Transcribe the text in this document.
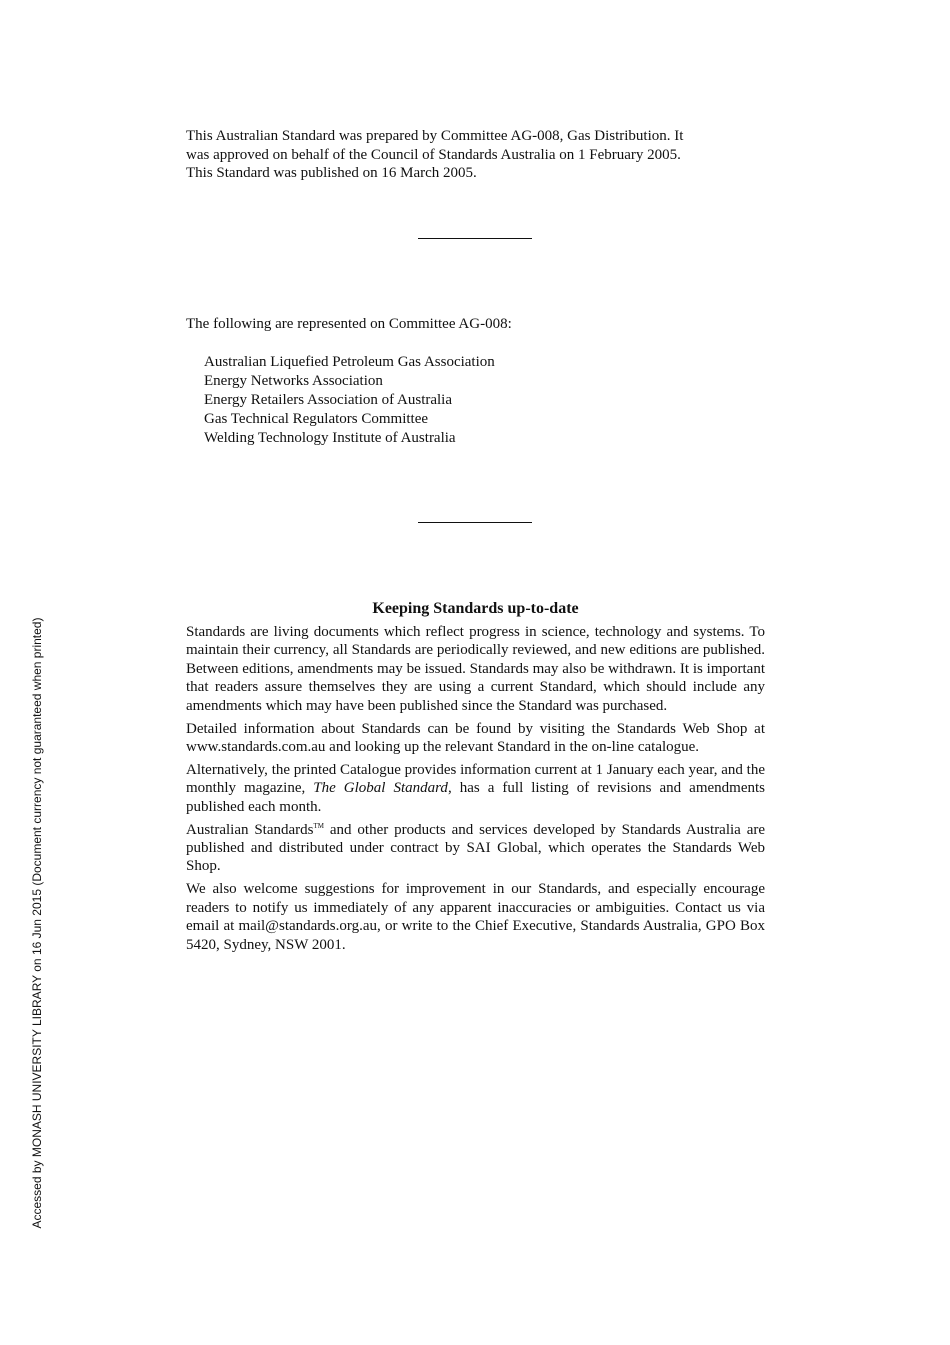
This Australian Standard was prepared by Committee AG-008, Gas Distribution. It

was approved on behalf of the Council of Standards Australia on 1 February 2005.

This Standard was published on 16 March 2005.

The following are represented on Committee AG-008:

Australian Liquefied Petroleum Gas Association
Energy Networks Association
Energy Retailers Association of Australia
Gas Technical Regulators Committee
Welding Technology Institute of Australia
Keeping Standards up-to-date

Standards are living documents which reflect progress in science, technology and systems. To maintain their currency, all Standards are periodically reviewed, and new editions are published. Between editions, amendments may be issued. Standards may also be withdrawn. It is important that readers assure themselves they are using a current Standard, which should include any amendments which may have been published since the Standard was purchased.

Detailed information about Standards can be found by visiting the Standards Web Shop at www.standards.com.au and looking up the relevant Standard in the on-line catalogue.

Alternatively, the printed Catalogue provides information current at 1 January each year, and the monthly magazine, The Global Standard, has a full listing of revisions and amendments published each month.

Australian Standards™ and other products and services developed by Standards Australia are published and distributed under contract by SAI Global, which operates the Standards Web Shop.

We also welcome suggestions for improvement in our Standards, and especially encourage readers to notify us immediately of any apparent inaccuracies or ambiguities. Contact us via email at mail@standards.org.au, or write to the Chief Executive, Standards Australia, GPO Box 5420, Sydney, NSW 2001.

Accessed by MONASH UNIVERSITY LIBRARY on 16 Jun 2015 (Document currency not guaranteed when printed)
